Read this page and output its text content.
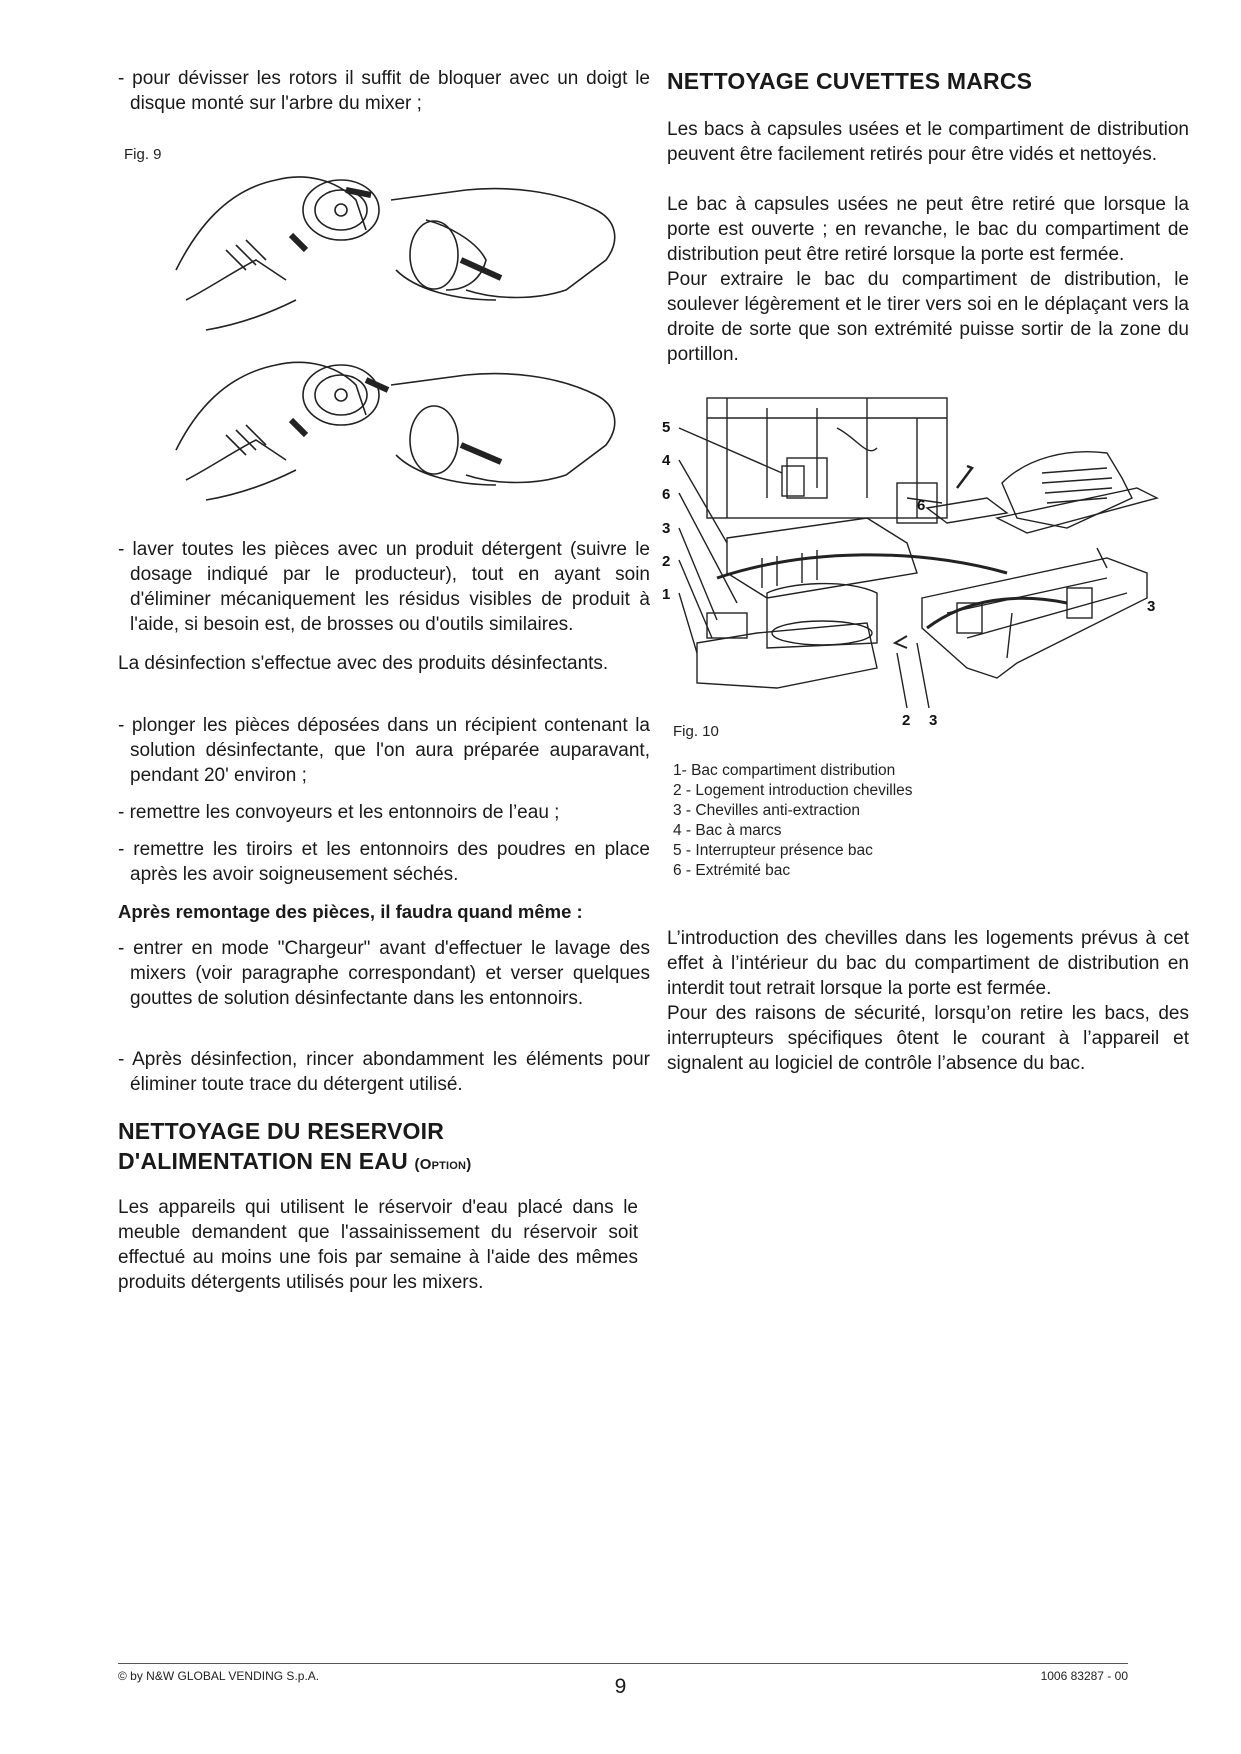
- pour dévisser les rotors il suffit de bloquer avec un doigt le disque monté sur l'arbre du mixer ;

Fig. 9

- laver toutes les pièces avec un produit détergent (suivre le dosage indiqué par le producteur), tout en ayant soin d'éliminer mécaniquement les résidus visibles de produit à l'aide, si besoin est, de brosses ou d'outils similaires.

La désinfection s'effectue avec des produits désinfectants.

- plonger les pièces déposées dans un récipient contenant la solution désinfectante, que l'on aura préparée auparavant, pendant 20' environ ;

- remettre les convoyeurs et les entonnoirs de l’eau ;

- remettre les tiroirs et les entonnoirs des poudres en place après les avoir soigneusement séchés.

Après remontage des pièces, il faudra quand même :

- entrer en mode "Chargeur" avant d'effectuer le lavage des mixers (voir paragraphe correspondant) et verser quelques gouttes de solution désinfectante dans les entonnoirs.

- Après désinfection, rincer abondamment les éléments pour éliminer toute trace du détergent utilisé.

NETTOYAGE DU RESERVOIR
D'ALIMENTATION EN EAU (Option)

Les appareils qui utilisent le réservoir d'eau placé dans le meuble demandent que l'assainissement du réservoir soit effectué au moins une fois par semaine à l'aide des mêmes produits détergents utilisés pour les mixers.

NETTOYAGE CUVETTES MARCS

Les bacs à capsules usées et le compartiment de distribution peuvent être facilement retirés pour être vidés et nettoyés.

Le bac à capsules usées ne peut être retiré que lorsque la porte est ouverte ; en revanche, le bac du compartiment de distribution peut être retiré lorsque la porte est fermée.

Pour extraire le bac du compartiment de distribution, le soulever légèrement et le tirer vers soi en le déplaçant vers la droite de sorte que son extrémité puisse sortir de la zone du portillon.

5
4
6
3
2
1
6
3
2 3
Fig. 10
1- Bac compartiment distribution
2 - Logement introduction chevilles
3 - Chevilles anti-extraction
4 - Bac à marcs
5 - Interrupteur présence bac
6 - Extrémité bac

L’introduction des chevilles dans les logements prévus à cet effet à l’intérieur du bac du compartiment de distribution en interdit tout retrait lorsque la porte est fermée.

Pour des raisons de sécurité, lorsqu’on retire les bacs, des interrupteurs spécifiques ôtent le courant à l’appareil et signalent au logiciel de contrôle l’absence du bac.

© by N&W GLOBAL VENDING S.p.A.	9	1006 83287 - 00
